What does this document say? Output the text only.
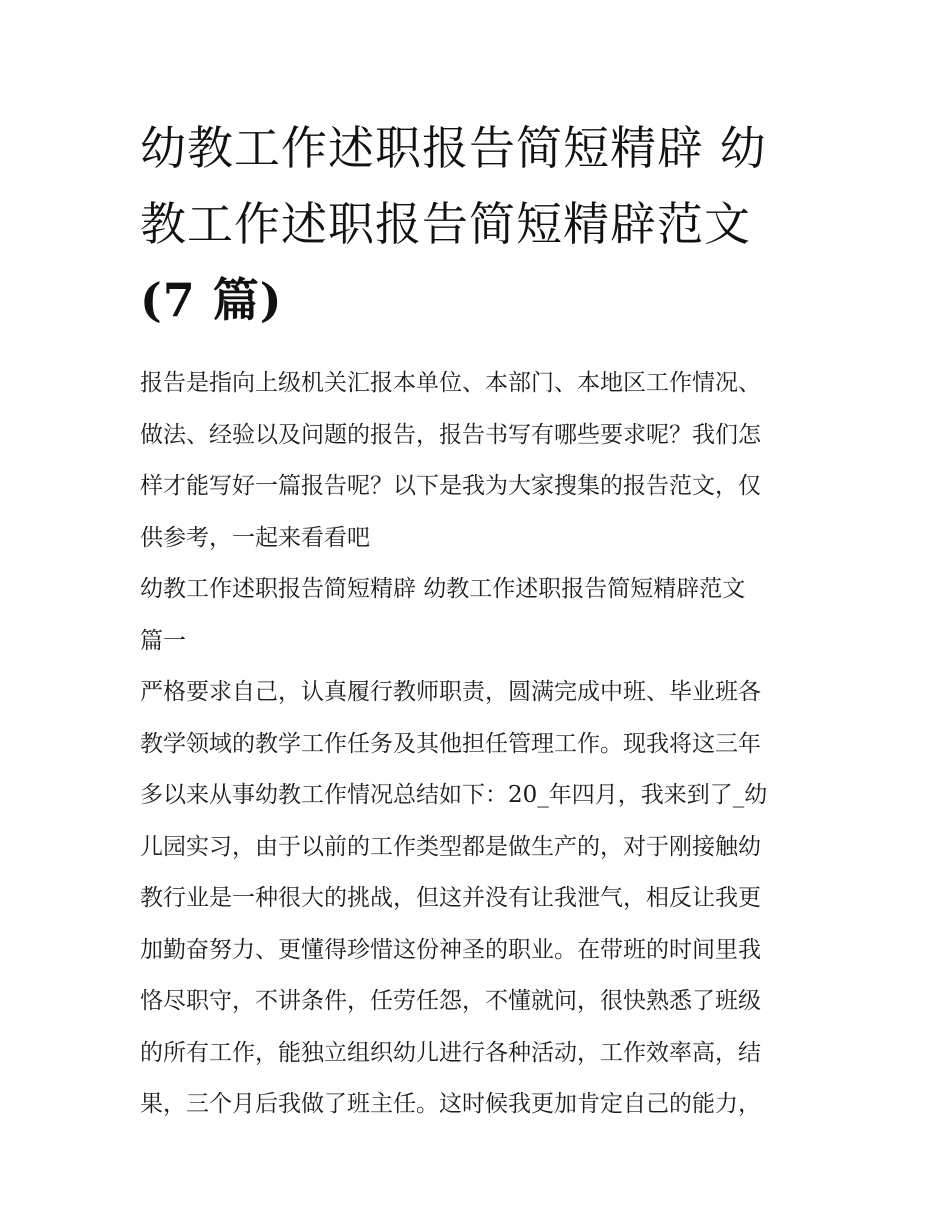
幼教工作述职报告简短精辟 幼
教工作述职报告简短精辟范文
(7 篇)
报告是指向上级机关汇报本单位、本部门、本地区工作情况、
做法、经验以及问题的报告，报告书写有哪些要求呢？我们怎
样才能写好一篇报告呢？以下是我为大家搜集的报告范文，仅
供参考，一起来看看吧
幼教工作述职报告简短精辟 幼教工作述职报告简短精辟范文
篇一
严格要求自己，认真履行教师职责，圆满完成中班、毕业班各
教学领域的教学工作任务及其他担任管理工作。现我将这三年
多以来从事幼教工作情况总结如下：20_年四月，我来到了_幼
儿园实习，由于以前的工作类型都是做生产的，对于刚接触幼
教行业是一种很大的挑战，但这并没有让我泄气，相反让我更
加勤奋努力、更懂得珍惜这份神圣的职业。在带班的时间里我
恪尽职守，不讲条件，任劳任怨，不懂就问，很快熟悉了班级
的所有工作，能独立组织幼儿进行各种活动，工作效率高，结
果，三个月后我做了班主任。这时候我更加肯定自己的能力，
